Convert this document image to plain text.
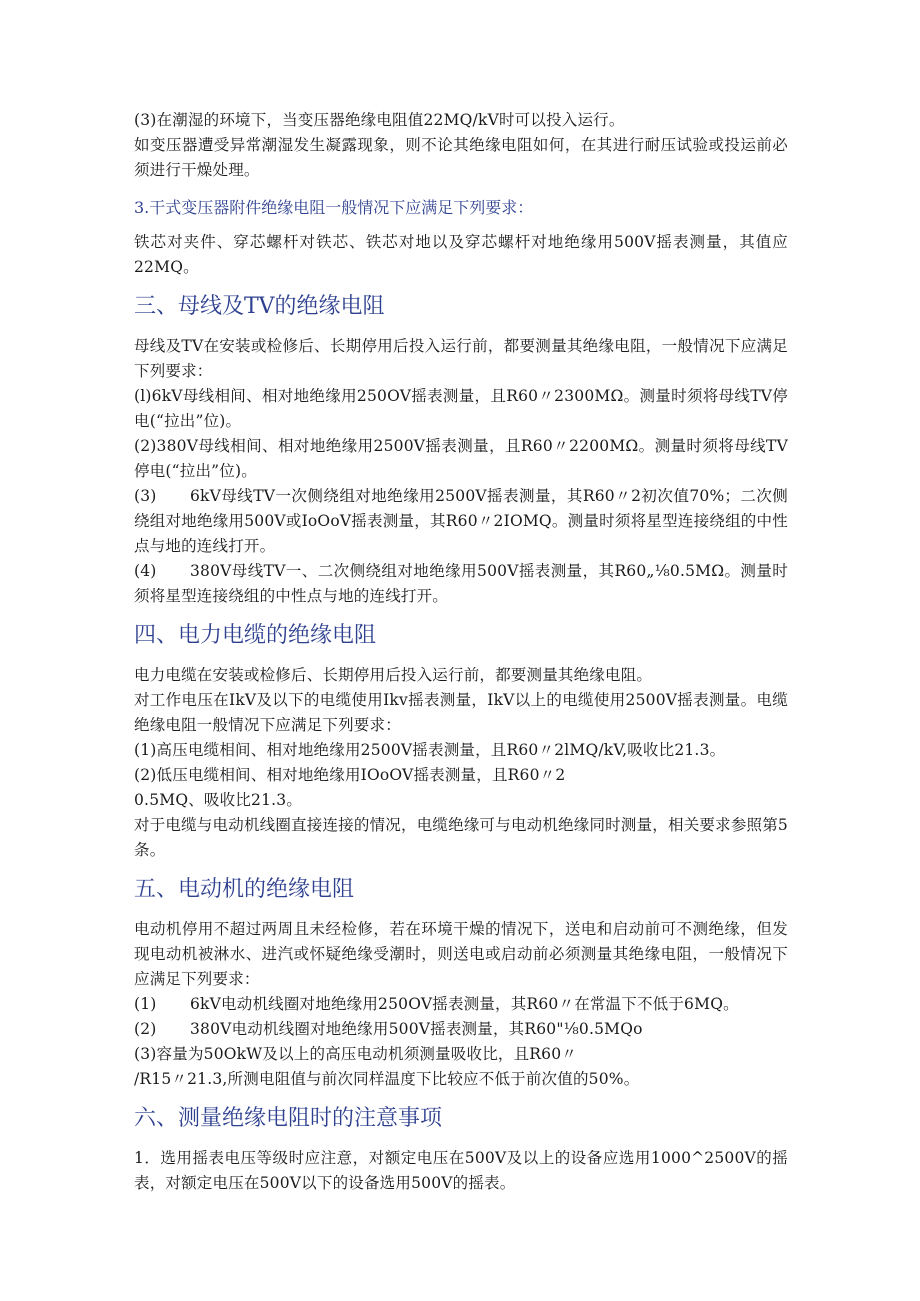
(3)在潮湿的环境下，当变压器绝缘电阻值22MQ/kV时可以投入运行。

如变压器遭受异常潮湿发生凝露现象，则不论其绝缘电阻如何，在其进行耐压试验或投运前必须进行干燥处理。

3.干式变压器附件绝缘电阻一般情况下应满足下列要求：

铁芯对夹件、穿芯螺杆对铁芯、铁芯对地以及穿芯螺杆对地绝缘用500V摇表测量，其值应22MQ。

三、母线及TV的绝缘电阻

母线及TV在安装或检修后、长期停用后投入运行前，都要测量其绝缘电阻，一般情况下应满足下列要求：

(l)6kV母线相间、相对地绝缘用250OV摇表测量，且R60〃2300MΩ。测量时须将母线TV停电(“拉出”位)。

(2)380V母线相间、相对地绝缘用2500V摇表测量，且R60〃2200MΩ。测量时须将母线TV停电(“拉出”位)。

(3) 6kV母线TV一次侧绕组对地绝缘用2500V摇表测量，其R60〃2初次值70%；二次侧绕组对地绝缘用500V或IoOoV摇表测量，其R60〃2IOMQ。测量时须将星型连接绕组的中性点与地的连线打开。

(4) 380V母线TV一、二次侧绕组对地绝缘用500V摇表测量，其R60„⅛0.5MΩ。测量时须将星型连接绕组的中性点与地的连线打开。

四、电力电缆的绝缘电阻

电力电缆在安装或检修后、长期停用后投入运行前，都要测量其绝缘电阻。

对工作电压在IkV及以下的电缆使用Ikv摇表测量，IkV以上的电缆使用2500V摇表测量。电缆绝缘电阻一般情况下应满足下列要求：

(1)高压电缆相间、相对地绝缘用2500V摇表测量，且R60〃2lMQ/kV,吸收比21.3。

(2)低压电缆相间、相对地绝缘用IOoOV摇表测量，且R60〃2

0.5MQ、吸收比21.3。

对于电缆与电动机线圈直接连接的情况，电缆绝缘可与电动机绝缘同时测量，相关要求参照第5条。

五、电动机的绝缘电阻

电动机停用不超过两周且未经检修，若在环境干燥的情况下，送电和启动前可不测绝缘，但发现电动机被淋水、进汽或怀疑绝缘受潮时，则送电或启动前必须测量其绝缘电阻，一般情况下应满足下列要求：

(1) 6kV电动机线圈对地绝缘用250OV摇表测量，其R60〃在常温下不低于6MQ。

(2) 380V电动机线圈对地绝缘用500V摇表测量，其R60"⅛0.5MQo

(3)容量为50OkW及以上的高压电动机须测量吸收比，且R60〃

/R15〃21.3,所测电阻值与前次同样温度下比较应不低于前次值的50%。

六、测量绝缘电阻时的注意事项

1．选用摇表电压等级时应注意，对额定电压在500V及以上的设备应选用1000^2500V的摇表，对额定电压在500V以下的设备选用500V的摇表。
